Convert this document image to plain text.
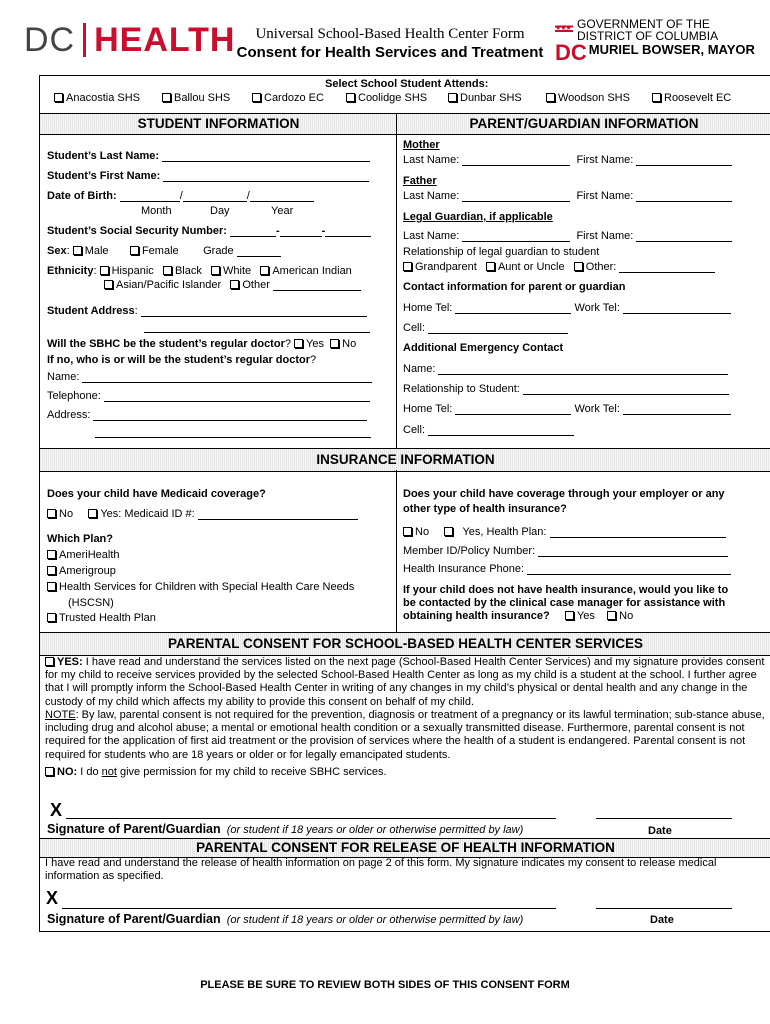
DC HEALTH	Universal School-Based Health Center Form
Consent for Health Services and Treatment
★★★ GOVERNMENT OF THE
DISTRICT OF COLUMBIA
DC MURIEL BOWSER, MAYOR
Select School Student Attends:
Anacostia SHS	Ballou SHS	Cardozo EC	Coolidge SHS	Dunbar SHS	Woodson SHS	Roosevelt EC
STUDENT INFORMATION	PARENT/GUARDIAN INFORMATION
Student’s Last Name:
Student’s First Name:
Date of Birth:	/	/
Month	Day	Year
Student’s Social Security Number:	-	-
Sex: Male	Female Grade
Ethnicity: Hispanic Black White American Indian
Asian/Pacific Islander Other
Student Address:
Will the SBHC be the student’s regular doctor? Yes No
If no, who is or will be the student’s regular doctor?
Name:
Telephone:
Address:
Mother
Last Name:	First Name:
Father
Last Name:	First Name:
Legal Guardian, if applicable
Last Name:	First Name:
Relationship of legal guardian to student
Grandparent Aunt or Uncle Other:
Contact information for parent or guardian
Home Tel:	Work Tel:
Cell:
Additional Emergency Contact
Name:
Relationship to Student:
Home Tel:	Work Tel:
Cell:
INSURANCE INFORMATION
Does your child have Medicaid coverage?
No Yes: Medicaid ID #:
Which Plan?
AmeriHealth
Amerigroup
Health Services for Children with Special Health Care Needs
(HSCSN)
Trusted Health Plan
Does your child have coverage through your employer or any
other type of health insurance?
No	Yes, Health Plan:
Member ID/Policy Number:
Health Insurance Phone:
If your child does not have health insurance, would you like to
be contacted by the clinical case manager for assistance with
obtaining health insurance? Yes No
PARENTAL CONSENT FOR SCHOOL-BASED HEALTH CENTER SERVICES
YES: I have read and understand the services listed on the next page (School-Based Health Center Services) and my signature provides consent for my child to receive services provided by the selected School-Based Health Center as long as my child is a student at the school. I further agree that I will promptly inform the School-Based Health Center in writing of any changes in my child’s physical or dental health and any change in the custody of my child which affects my ability to provide this consent on behalf of my child.
NOTE: By law, parental consent is not required for the prevention, diagnosis or treatment of a pregnancy or its lawful termination; sub-stance abuse, including drug and alcohol abuse; a mental or emotional health condition or a sexually transmitted disease. Furthermore, parental consent is not required for the application of first aid treatment or the provision of services where the health of a student is endangered. Parental consent is not required for students who are 18 years or older or for legally emancipated students.
NO: I do not give permission for my child to receive SBHC services.
X
Signature of Parent/Guardian (or student if 18 years or older or otherwise permitted by law)	Date
PARENTAL CONSENT FOR RELEASE OF HEALTH INFORMATION
I have read and understand the release of health information on page 2 of this form. My signature indicates my consent to release medical information as specified.
X
Signature of Parent/Guardian (or student if 18 years or older or otherwise permitted by law)	Date
PLEASE BE SURE TO REVIEW BOTH SIDES OF THIS CONSENT FORM
